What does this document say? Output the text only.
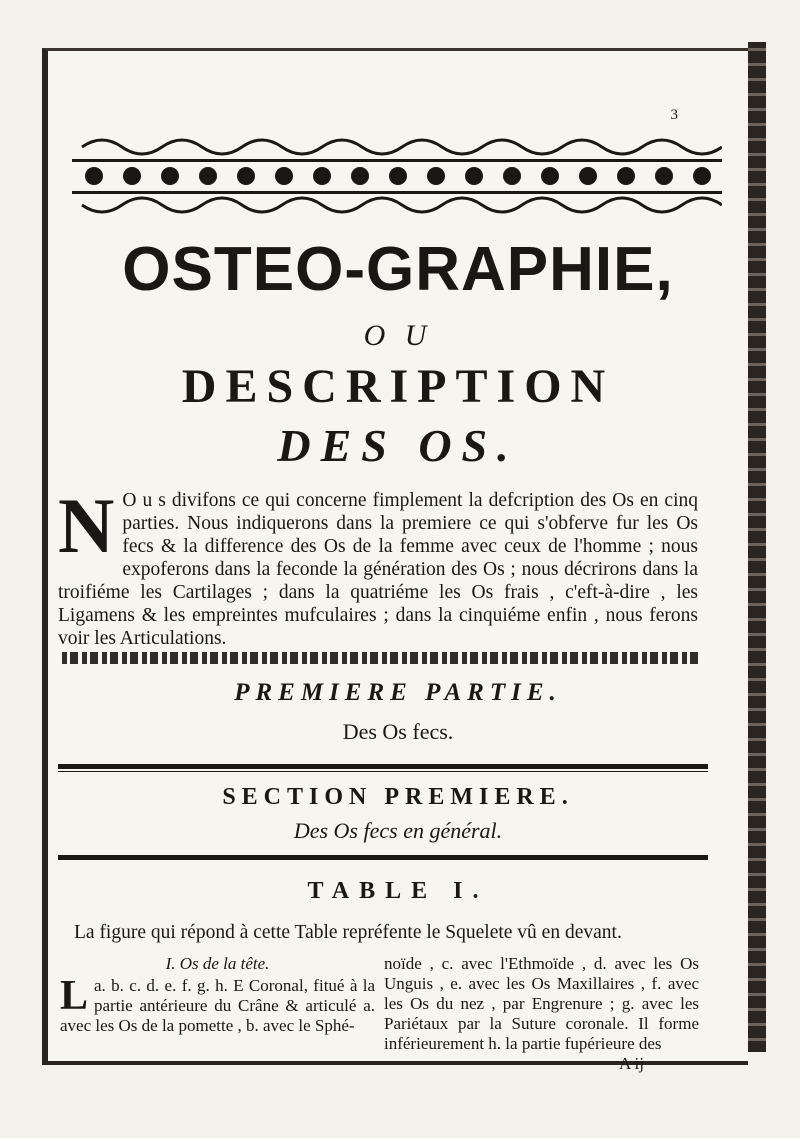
3
OSTEO-GRAPHIE,
O U
DESCRIPTION
DES OS.
N O u s divifons ce qui concerne fimplement la defcription des Os en cinq parties. Nous indiquerons dans la premiere ce qui s'obferve fur les Os fecs & la difference des Os de la femme avec ceux de l'homme ; nous expoferons dans la feconde la génération des Os ; nous décrirons dans la troifiéme les Cartilages ; dans la quatriéme les Os frais , c'eft-à-dire , les Ligamens & les empreintes mufculaires ; dans la cinquiéme enfin , nous ferons voir les Articulations.
PREMIERE PARTIE.
Des Os fecs.
SECTION PREMIERE.
Des Os fecs en général.
TABLE I.
La figure qui répond à cette Table repréfente le Squelete vû en devant.

I. Os de la tête.

a. b. c. d. e. f. g. h.
L	E Coronal, fitué à la partie antérieure du Crâne & articulé a. avec les Os de la pomette , b. avec le Sphé-
noïde , c. avec l'Ethmoïde , d. avec les Os Unguis , e. avec les Os Maxillaires , f. avec les Os du nez , par Engrenure ; g. avec les Pariétaux par la Suture coronale. Il forme inférieurement h. la partie fupérieure des
A ij
